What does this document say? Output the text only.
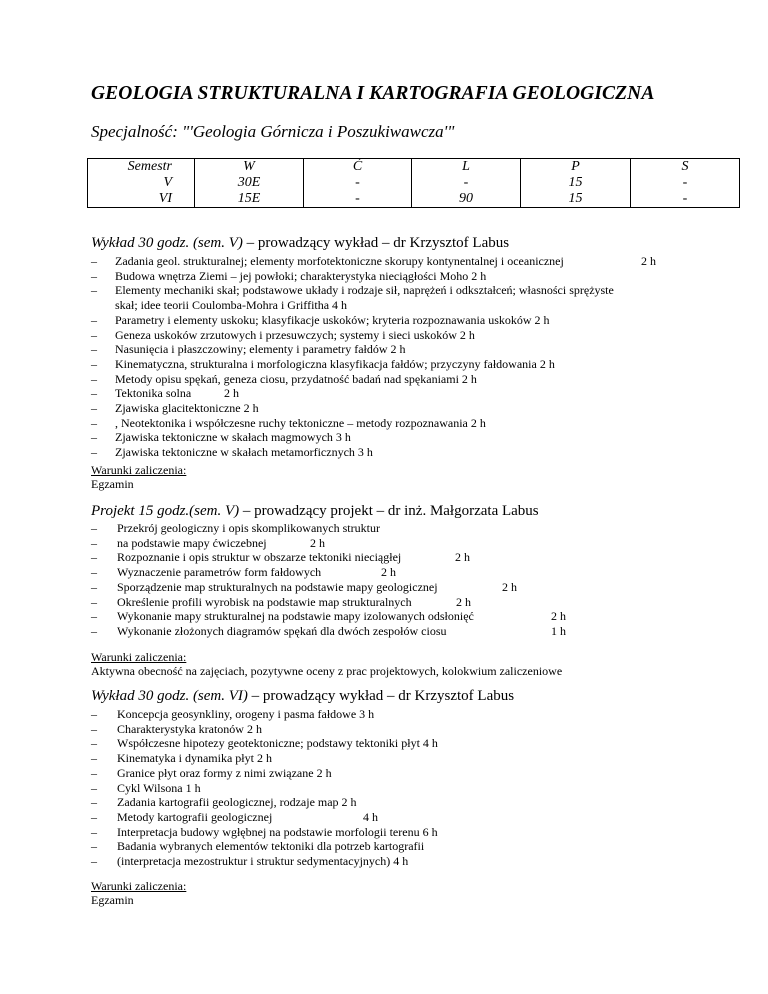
GEOLOGIA STRUKTURALNA I KARTOGRAFIA GEOLOGICZNA
Specjalność: "'Geologia Górnicza i Poszukiwawcza'"
Semestr	W	Ć	L	P	S
V	30E	-	-	15	-
VI	15E	-	90	15	-
Wykład 30 godz. (sem. V) – prowadzący wykład – dr Krzysztof Labus
– Zadania geol. strukturalnej; elementy morfotektoniczne skorupy kontynentalnej i oceanicznej	2 h
– Budowa wnętrza Ziemi – jej powłoki; charakterystyka nieciągłości Moho 2 h
– Elementy mechaniki skał; podstawowe układy i rodzaje sił, naprężeń i odkształceń; własności sprężyste
skał; idee teorii Coulomba-Mohra i Griffitha 4 h
– Parametry i elementy uskoku; klasyfikacje uskoków; kryteria rozpoznawania uskoków 2 h
– Geneza uskoków zrzutowych i przesuwczych; systemy i sieci uskoków 2 h
– Nasunięcia i płaszczowiny; elementy i parametry fałdów 2 h
– Kinematyczna, strukturalna i morfologiczna klasyfikacja fałdów; przyczyny fałdowania 2 h
– Metody opisu spękań, geneza ciosu, przydatność badań nad spękaniami 2 h
– Tektonika solna	2 h
– Zjawiska glacitektoniczne 2 h
– , Neotektonika i współczesne ruchy tektoniczne – metody rozpoznawania 2 h
– Zjawiska tektoniczne w skałach magmowych 3 h
– Zjawiska tektoniczne w skałach metamorficznych 3 h
Warunki zaliczenia:
Egzamin
Projekt 15 godz.(sem. V) – prowadzący projekt – dr inż. Małgorzata Labus
– Przekrój geologiczny i opis skomplikowanych struktur
– na podstawie mapy ćwiczebnej	2 h
– Rozpoznanie i opis struktur w obszarze tektoniki nieciągłej	2 h
– Wyznaczenie parametrów form fałdowych	2 h
– Sporządzenie map strukturalnych na podstawie mapy geologicznej	2 h
– Określenie profili wyrobisk na podstawie map strukturalnych	2 h
– Wykonanie mapy strukturalnej na podstawie mapy izolowanych odsłonięć	2 h
– Wykonanie złożonych diagramów spękań dla dwóch zespołów ciosu	1 h
Warunki zaliczenia:
Aktywna obecność na zajęciach, pozytywne oceny z prac projektowych, kolokwium zaliczeniowe
Wykład 30 godz. (sem. VI) – prowadzący wykład – dr Krzysztof Labus
– Koncepcja geosynkliny, orogeny i pasma fałdowe 3 h
– Charakterystyka kratonów 2 h
– Współczesne hipotezy geotektoniczne; podstawy tektoniki płyt 4 h
– Kinematyka i dynamika płyt 2 h
– Granice płyt oraz formy z nimi związane 2 h
– Cykl Wilsona 1 h
– Zadania kartografii geologicznej, rodzaje map 2 h
– Metody kartografii geologicznej	4 h
– Interpretacja budowy wgłębnej na podstawie morfologii terenu 6 h
– Badania wybranych elementów tektoniki dla potrzeb kartografii
– (interpretacja mezostruktur i struktur sedymentacyjnych) 4 h
Warunki zaliczenia:
Egzamin
